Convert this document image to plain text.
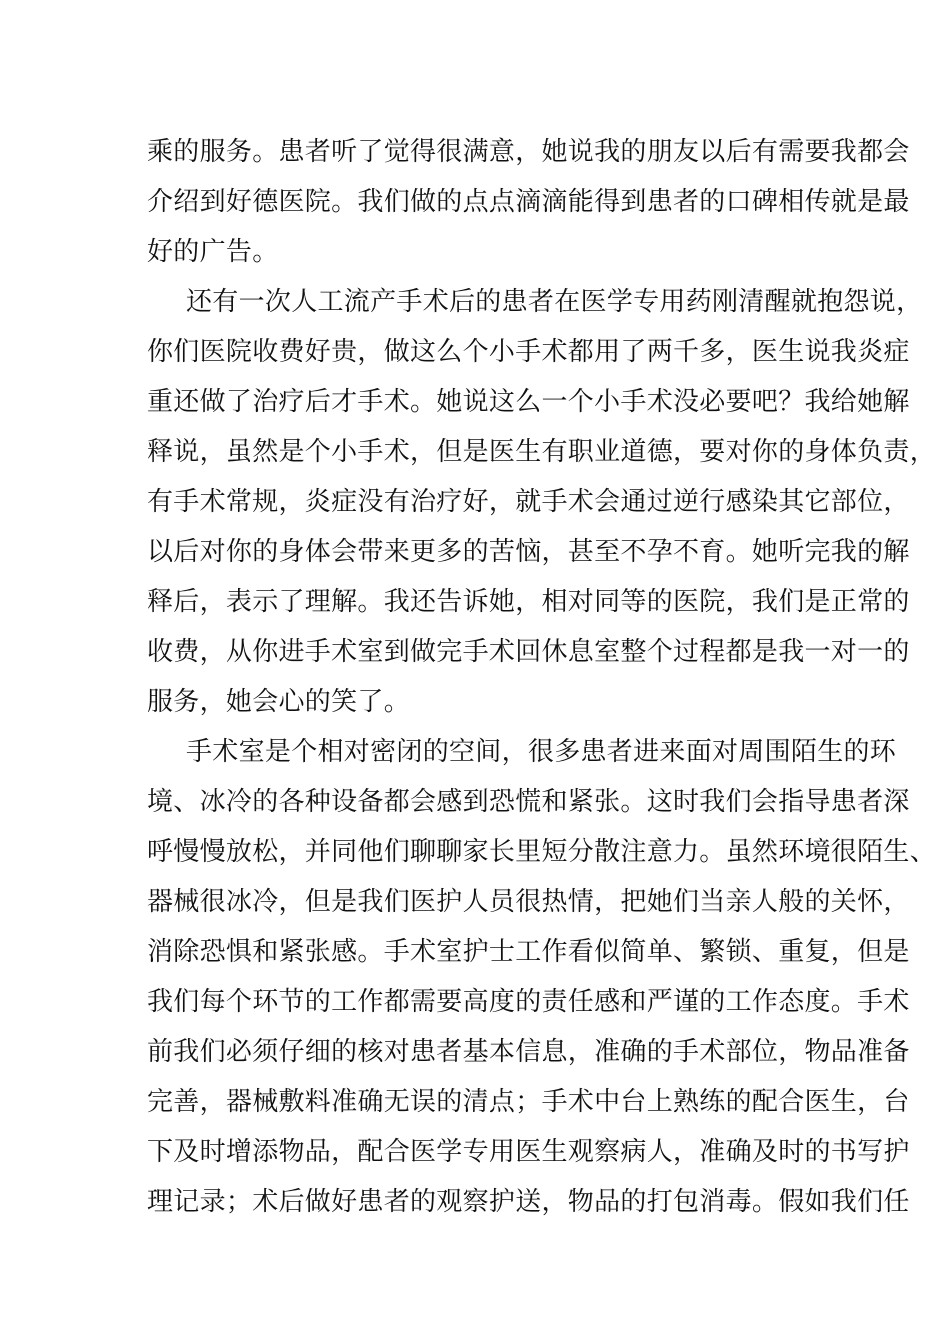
乘的服务。患者听了觉得很满意，她说我的朋友以后有需要我都会
介绍到好德医院。我们做的点点滴滴能得到患者的口碑相传就是最
好的广告。
还有一次人工流产手术后的患者在医学专用药刚清醒就抱怨说，
你们医院收费好贵，做这么个小手术都用了两千多，医生说我炎症
重还做了治疗后才手术。她说这么一个小手术没必要吧？我给她解
释说，虽然是个小手术，但是医生有职业道德，要对你的身体负责，
有手术常规，炎症没有治疗好，就手术会通过逆行感染其它部位，
以后对你的身体会带来更多的苦恼，甚至不孕不育。她听完我的解
释后，表示了理解。我还告诉她，相对同等的医院，我们是正常的
收费，从你进手术室到做完手术回休息室整个过程都是我一对一的
服务，她会心的笑了。
手术室是个相对密闭的空间，很多患者进来面对周围陌生的环
境、冰冷的各种设备都会感到恐慌和紧张。这时我们会指导患者深
呼慢慢放松，并同他们聊聊家长里短分散注意力。虽然环境很陌生、
器械很冰冷，但是我们医护人员很热情，把她们当亲人般的关怀，
消除恐惧和紧张感。手术室护士工作看似简单、繁锁、重复，但是
我们每个环节的工作都需要高度的责任感和严谨的工作态度。手术
前我们必须仔细的核对患者基本信息，准确的手术部位，物品准备
完善，器械敷料准确无误的清点；手术中台上熟练的配合医生，台
下及时增添物品，配合医学专用医生观察病人，准确及时的书写护
理记录；术后做好患者的观察护送，物品的打包消毒。假如我们任
